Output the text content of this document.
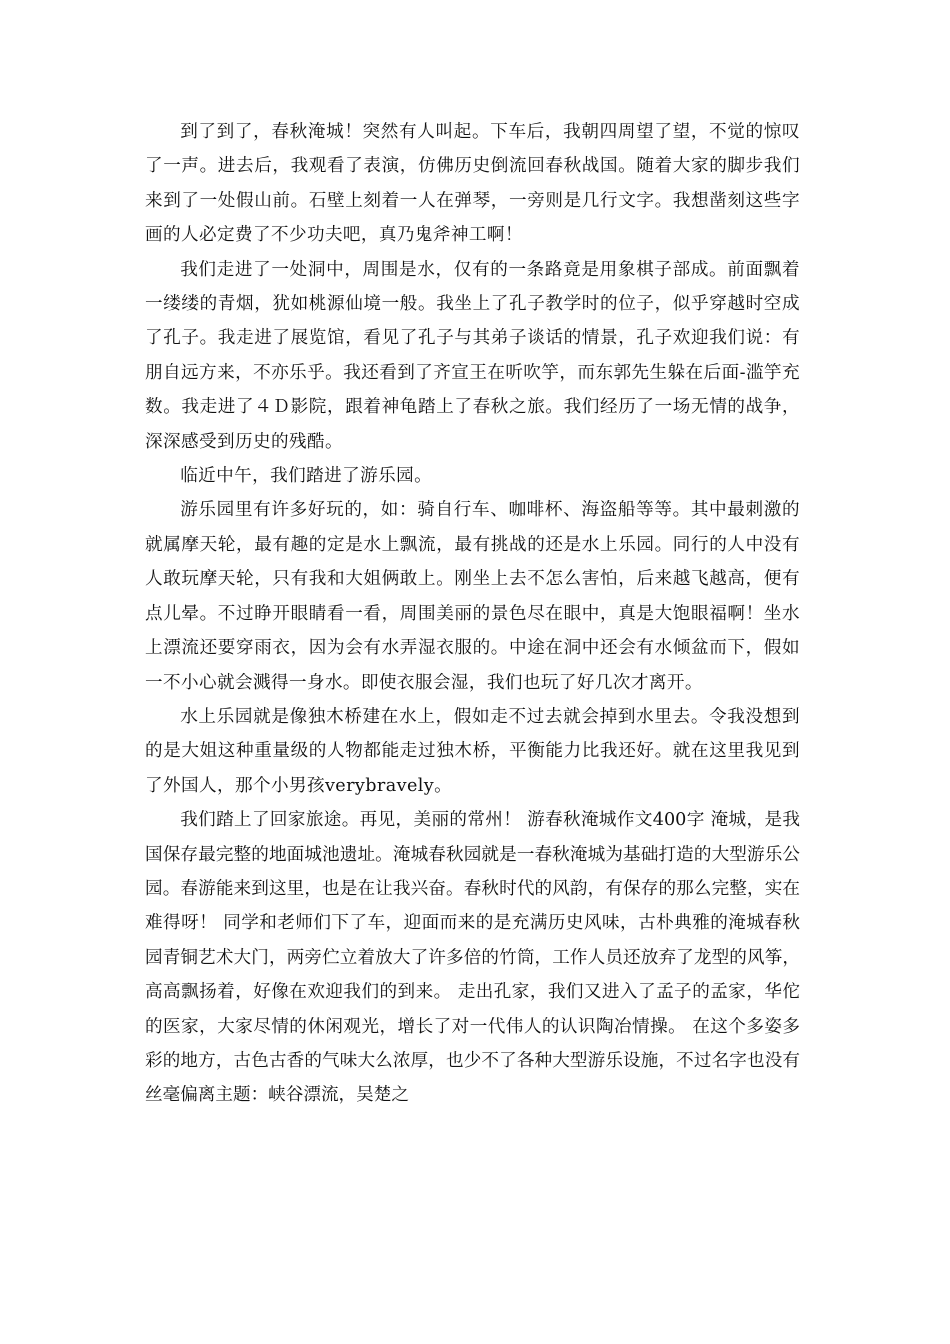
到了到了，春秋淹城！突然有人叫起。下车后，我朝四周望了望，不觉的惊叹了一声。进去后，我观看了表演，仿佛历史倒流回春秋战国。随着大家的脚步我们来到了一处假山前。石壁上刻着一人在弹琴，一旁则是几行文字。我想凿刻这些字画的人必定费了不少功夫吧，真乃鬼斧神工啊！

我们走进了一处洞中，周围是水，仅有的一条路竟是用象棋子部成。前面飘着一缕缕的青烟，犹如桃源仙境一般。我坐上了孔子教学时的位子，似乎穿越时空成了孔子。我走进了展览馆，看见了孔子与其弟子谈话的情景，孔子欢迎我们说：有朋自远方来，不亦乐乎。我还看到了齐宣王在听吹竽，而东郭先生躲在后面-滥竽充数。我走进了４Ｄ影院，跟着神龟踏上了春秋之旅。我们经历了一场无情的战争，深深感受到历史的残酷。

临近中午，我们踏进了游乐园。

游乐园里有许多好玩的，如：骑自行车、咖啡杯、海盗船等等。其中最刺激的就属摩天轮，最有趣的定是水上飘流，最有挑战的还是水上乐园。同行的人中没有人敢玩摩天轮，只有我和大姐俩敢上。刚坐上去不怎么害怕，后来越飞越高，便有点儿晕。不过睁开眼睛看一看，周围美丽的景色尽在眼中，真是大饱眼福啊！坐水上漂流还要穿雨衣，因为会有水弄湿衣服的。中途在洞中还会有水倾盆而下，假如一不小心就会溅得一身水。即使衣服会湿，我们也玩了好几次才离开。

水上乐园就是像独木桥建在水上，假如走不过去就会掉到水里去。令我没想到的是大姐这种重量级的人物都能走过独木桥，平衡能力比我还好。就在这里我见到了外国人，那个小男孩verybravely。

我们踏上了回家旅途。再见，美丽的常州！ 游春秋淹城作文400字 淹城，是我国保存最完整的地面城池遗址。淹城春秋园就是一春秋淹城为基础打造的大型游乐公园。春游能来到这里，也是在让我兴奋。春秋时代的风韵，有保存的那么完整，实在难得呀！ 同学和老师们下了车，迎面而来的是充满历史风味，古朴典雅的淹城春秋园青铜艺术大门，两旁伫立着放大了许多倍的竹筒，工作人员还放弃了龙型的风筝，高高飘扬着，好像在欢迎我们的到来。 走出孔家，我们又进入了孟子的孟家，华佗的医家，大家尽情的休闲观光，增长了对一代伟人的认识陶冶情操。 在这个多姿多彩的地方，古色古香的气味大么浓厚，也少不了各种大型游乐设施，不过名字也没有丝毫偏离主题：峡谷漂流，吴楚之
